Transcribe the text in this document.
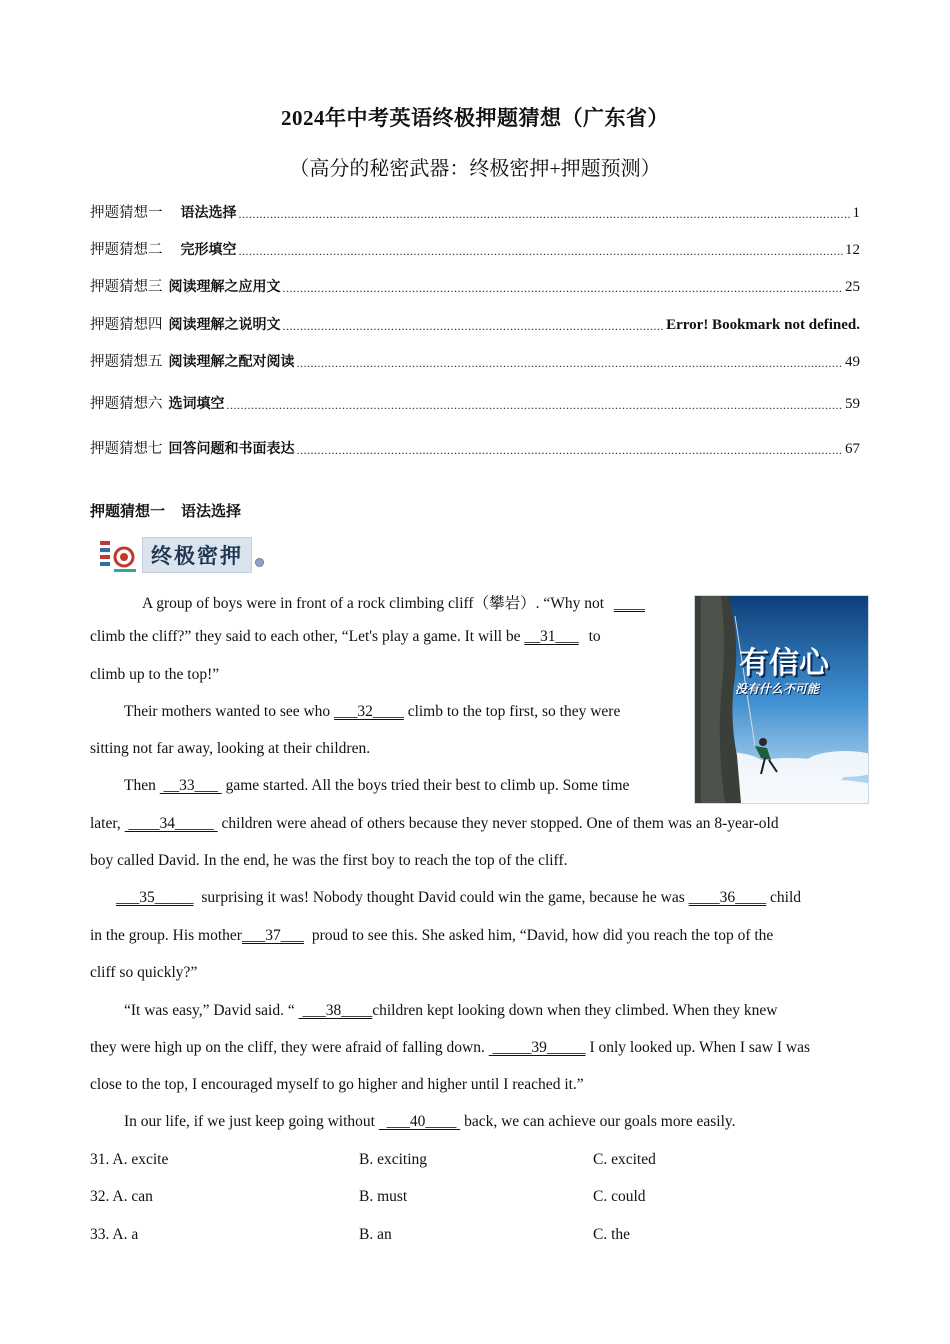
2024年中考英语终极押题猜想（广东省）
（高分的秘密武器：终极密押+押题预测）
押题猜想一 语法选择 .....	1
押题猜想二 完形填空 .....	12
押题猜想三 阅读理解之应用文 .....	25
押题猜想四 阅读理解之说明文 .....	Error! Bookmark not defined.
押题猜想五 阅读理解之配对阅读 .....	49
押题猜想六 选词填空 .....	59
押题猜想七 回答问题和书面表达 .....	67
押题猜想一 语法选择
终极密押
有信心
没有什么不可能
A group of boys were in front of a rock climbing cliff（攀岩）. “Why not ____
climb the cliff?” they said to each other, “Let's play a game. It will be __31___ to
climb up to the top!”
Their mothers wanted to see who ___32____ climb to the top first, so they were
sitting not far away, looking at their children.
Then  __33___  game started. All the boys tried their best to climb up. Some time
later,  ____34_____  children were ahead of others because they never stopped. One of them was an 8-year-old
boy called David. In the end, he was the first boy to reach the top of the cliff.
___35_____ surprising it was! Nobody thought David could win the game, because he was ____36____ child
in the group. His mother___37___ proud to see this. She asked him, “David, how did you reach the top of the
cliff so quickly?”
“It was easy,” David said. “  ___38____children kept looking down when they climbed. When they knew
they were high up on the cliff, they were afraid of falling down.  _____39_____ I only looked up. When I saw I was
close to the top, I encouraged myself to go higher and higher until I reached it.”
In our life, if we just keep going without   ___40____  back, we can achieve our goals more easily.
31. A. excite	B. exciting	C. excited
32. A. can	B. must	C. could
33. A. a	B. an	C. the
